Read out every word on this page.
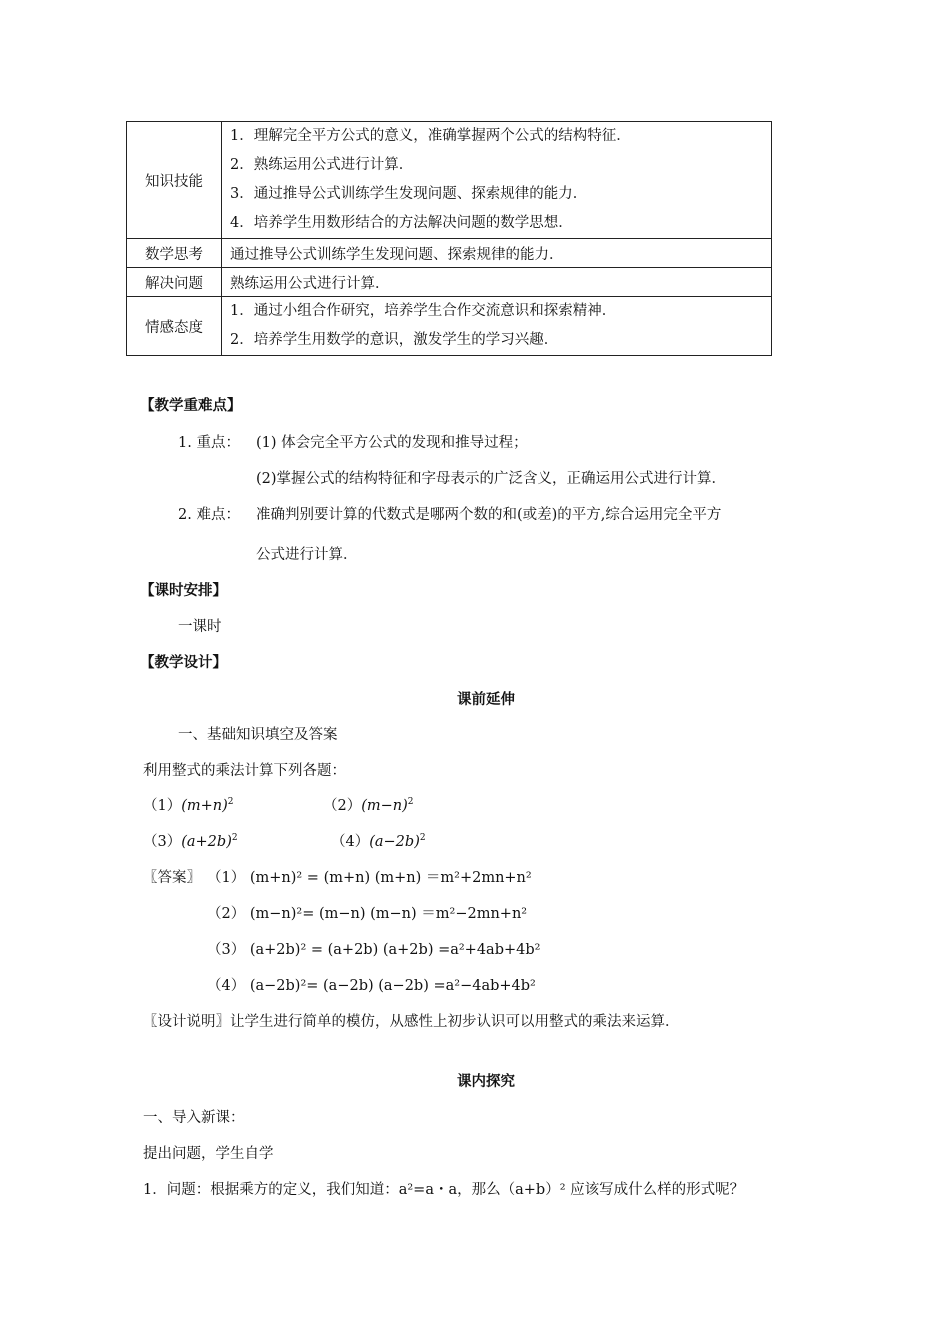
知识技能	1．理解完全平方公式的意义，准确掌握两个公式的结构特征．
2．熟练运用公式进行计算．
3．通过推导公式训练学生发现问题、探索规律的能力．
4．培养学生用数形结合的方法解决问题的数学思想．

数学思考	通过推导公式训练学生发现问题、探索规律的能力．
解决问题	熟练运用公式进行计算．
情感态度	1．通过小组合作研究，培养学生合作交流意识和探索精神．
2．培养学生用数学的意识，激发学生的学习兴趣．
【教学重难点】
1. 重点： (1) 体会完全平方公式的发现和推导过程；
(2)掌握公式的结构特征和字母表示的广泛含义，正确运用公式进行计算．
2. 难点： 准确判别要计算的代数式是哪两个数的和(或差)的平方,综合运用完全平方
公式进行计算．
【课时安排】
一课时
【教学设计】
课前延伸
一、基础知识填空及答案
利用整式的乘法计算下列各题：
$(1)(m+n)^2$	$(2)(m-n)^2$
$(3)(a+2b)^2$	$(4)(a-2b)^2$
〖答案〗 （1） (m+n)² = (m+n) (m+n) ＝m²+2mn+n²
（2） (m−n)²= (m−n) (m−n) ＝m²−2mn+n²
（3） (a+2b)² = (a+2b) (a+2b) =a²+4ab+4b²
（4） (a−2b)²= (a−2b) (a−2b) =a²−4ab+4b²
〖设计说明〗让学生进行简单的模仿，从感性上初步认识可以用整式的乘法来运算．
课内探究
一、导入新课：
提出问题，学生自学
1．问题：根据乘方的定义，我们知道：a²=a・a，那么（a+b）² 应该写成什么样的形式呢？
